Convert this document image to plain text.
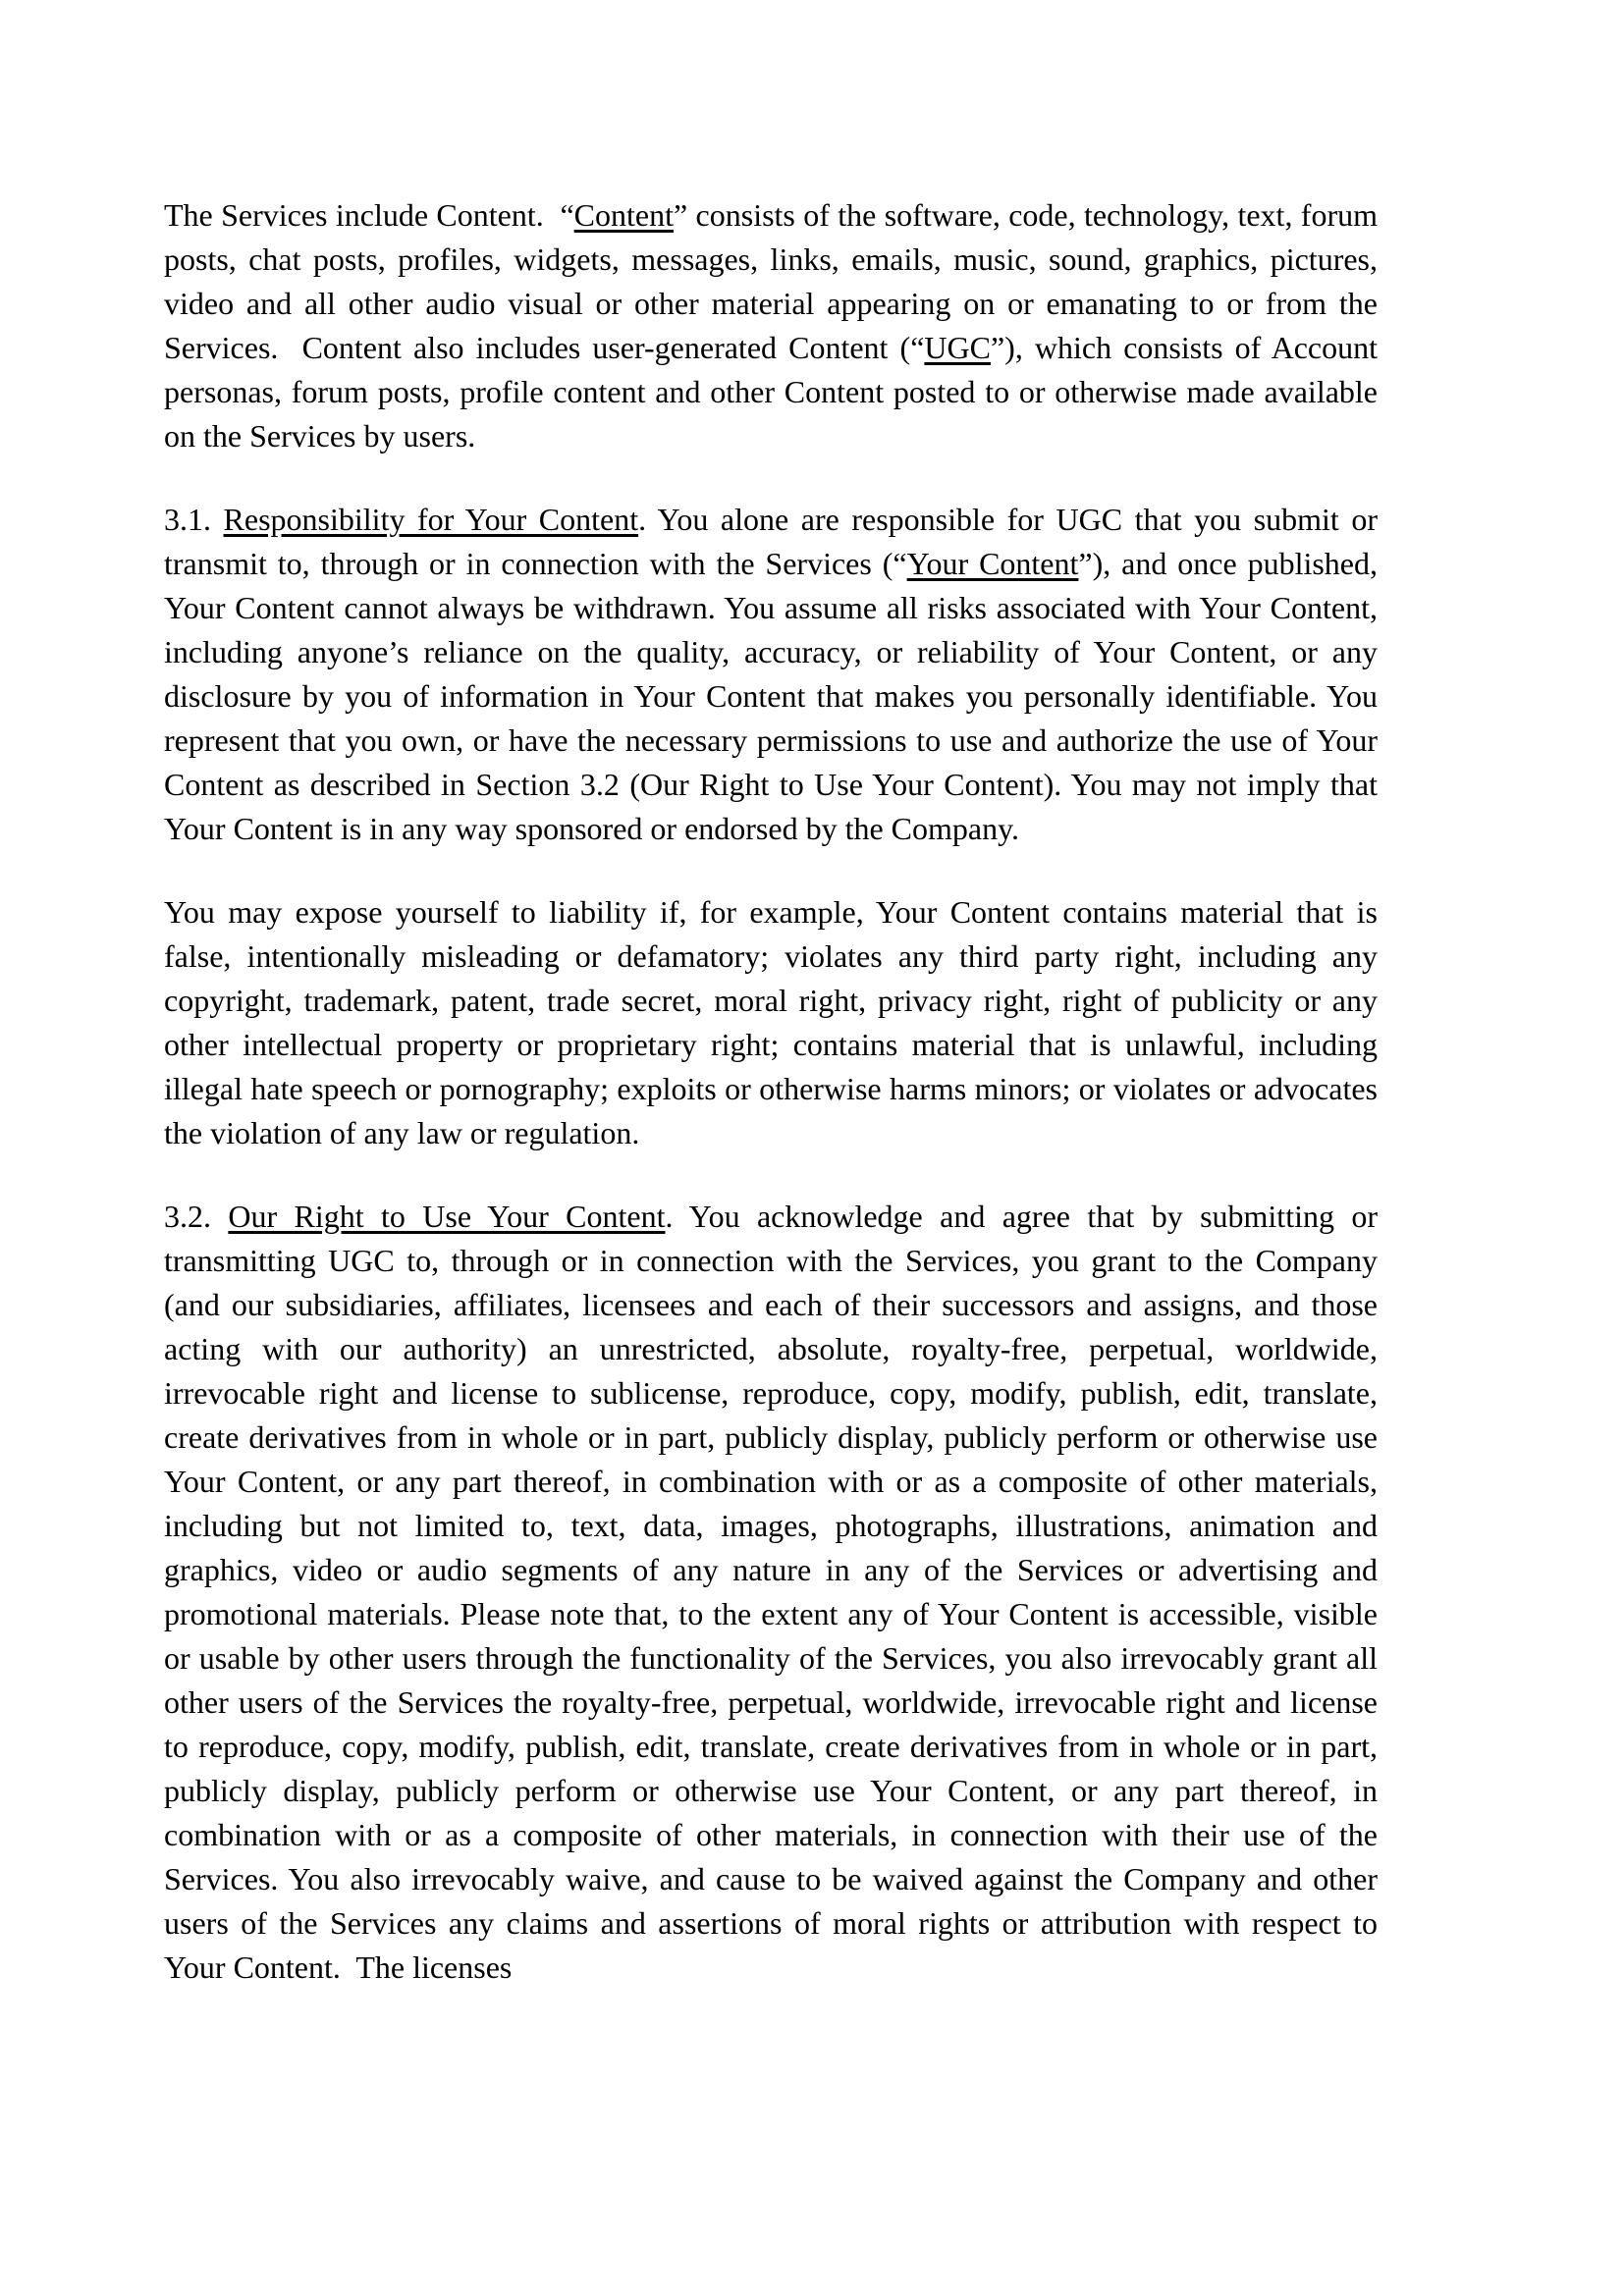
The Services include Content.  “Content” consists of the software, code, technology, text, forum posts, chat posts, profiles, widgets, messages, links, emails, music, sound, graphics, pictures, video and all other audio visual or other material appearing on or emanating to or from the Services.  Content also includes user-generated Content (“UGC”), which consists of Account personas, forum posts, profile content and other Content posted to or otherwise made available on the Services by users.

3.1. Responsibility for Your Content. You alone are responsible for UGC that you submit or transmit to, through or in connection with the Services (“Your Content”), and once published, Your Content cannot always be withdrawn. You assume all risks associated with Your Content, including anyone’s reliance on the quality, accuracy, or reliability of Your Content, or any disclosure by you of information in Your Content that makes you personally identifiable. You represent that you own, or have the necessary permissions to use and authorize the use of Your Content as described in Section 3.2 (Our Right to Use Your Content). You may not imply that Your Content is in any way sponsored or endorsed by the Company.

You may expose yourself to liability if, for example, Your Content contains material that is false, intentionally misleading or defamatory; violates any third party right, including any copyright, trademark, patent, trade secret, moral right, privacy right, right of publicity or any other intellectual property or proprietary right; contains material that is unlawful, including illegal hate speech or pornography; exploits or otherwise harms minors; or violates or advocates the violation of any law or regulation.

3.2. Our Right to Use Your Content. You acknowledge and agree that by submitting or transmitting UGC to, through or in connection with the Services, you grant to the Company (and our subsidiaries, affiliates, licensees and each of their successors and assigns, and those acting with our authority) an unrestricted, absolute, royalty-free, perpetual, worldwide, irrevocable right and license to sublicense, reproduce, copy, modify, publish, edit, translate, create derivatives from in whole or in part, publicly display, publicly perform or otherwise use Your Content, or any part thereof, in combination with or as a composite of other materials, including but not limited to, text, data, images, photographs, illustrations, animation and graphics, video or audio segments of any nature in any of the Services or advertising and promotional materials. Please note that, to the extent any of Your Content is accessible, visible or usable by other users through the functionality of the Services, you also irrevocably grant all other users of the Services the royalty-free, perpetual, worldwide, irrevocable right and license to reproduce, copy, modify, publish, edit, translate, create derivatives from in whole or in part, publicly display, publicly perform or otherwise use Your Content, or any part thereof, in combination with or as a composite of other materials, in connection with their use of the Services. You also irrevocably waive, and cause to be waived against the Company and other users of the Services any claims and assertions of moral rights or attribution with respect to Your Content.  The licenses
